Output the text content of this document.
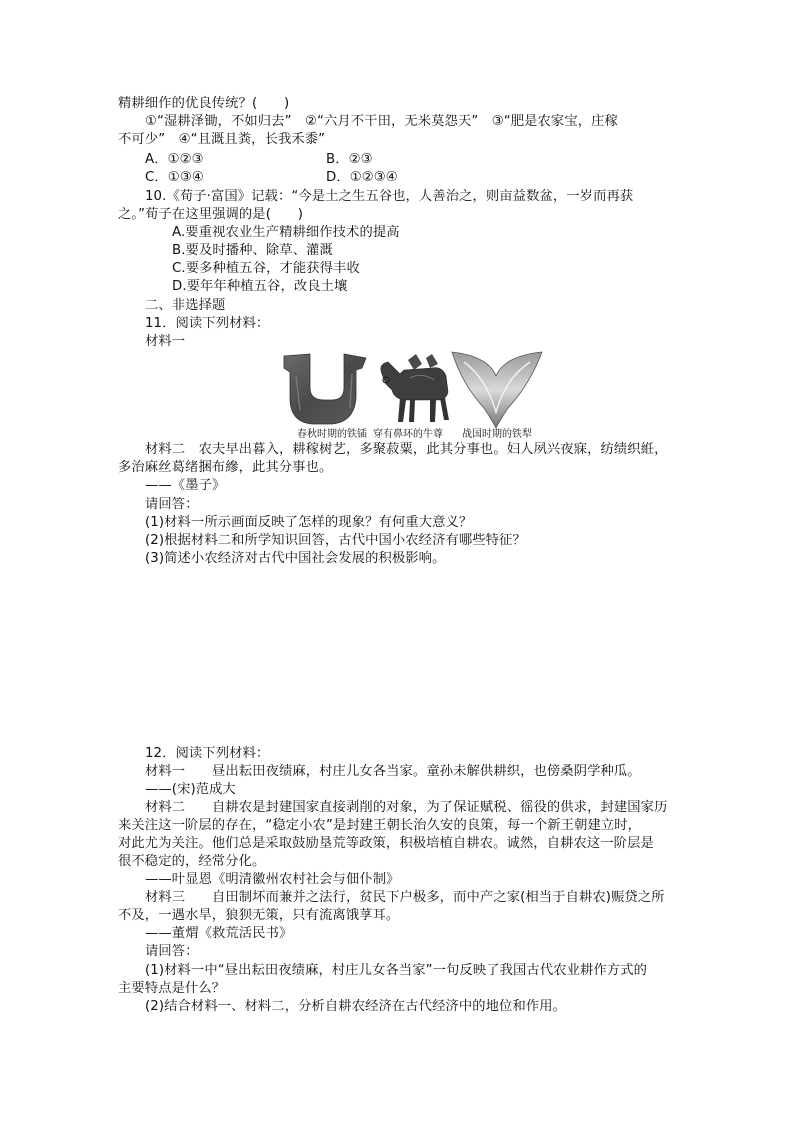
精耕细作的优良传统？(　　)
①“湿耕泽锄，不如归去”　②“六月不干田，无米莫怨天”　③“肥是农家宝，庄稼
不可少”　④“且溉且粪，长我禾黍”
A．①②③	B．②③
C．①③④	D．①②③④
10.《荀子·富国》记载：“今是土之生五谷也，人善治之，则亩益数盆，一岁而再获
之。”荀子在这里强调的是(　　)
A.要重视农业生产精耕细作技术的提高
B.要及时播种、除草、灌溉
C.要多种植五谷，才能获得丰收
D.要年年种植五谷，改良土壤
二、非选择题
11．阅读下列材料：
材料一
春秋时期的铁锸 穿有鼻环的牛尊 战国时期的铁犁
材料二　农夫早出暮入，耕稼树艺，多聚菽粟，此其分事也。妇人夙兴夜寐，纺绩织絍，
多治麻丝葛绪捆布縿，此其分事也。
——《墨子》
请回答：
(1)材料一所示画面反映了怎样的现象？有何重大意义？
(2)根据材料二和所学知识回答，古代中国小农经济有哪些特征？
(3)简述小农经济对古代中国社会发展的积极影响。
12．阅读下列材料：
材料一　　昼出耘田夜绩麻，村庄儿女各当家。童孙未解供耕织，也傍桑阴学种瓜。
——(宋)范成大
材料二　　自耕农是封建国家直接剥削的对象，为了保证赋税、徭役的供求，封建国家历
来关注这一阶层的存在，“稳定小农”是封建王朝长治久安的良策，每一个新王朝建立时，
对此尤为关注。他们总是采取鼓励垦荒等政策，积极培植自耕农。诚然，自耕农这一阶层是
很不稳定的，经常分化。
——叶显恩《明清徽州农村社会与佃仆制》
材料三　　自田制坏而兼并之法行，贫民下户极多，而中产之家(相当于自耕农)赈贷之所
不及，一遇水旱，狼狈无策，只有流离饿莩耳。
——董煟《救荒活民书》
请回答：
(1)材料一中“昼出耘田夜绩麻，村庄儿女各当家”一句反映了我国古代农业耕作方式的
主要特点是什么？
(2)结合材料一、材料二，分析自耕农经济在古代经济中的地位和作用。
